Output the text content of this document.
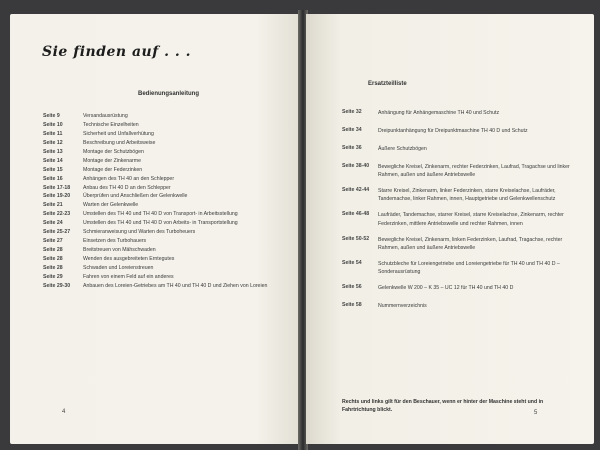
Sie finden auf . . .
Bedienungsanleitung
Seite 9	Versandausrüstung
Seite 10	Technische Einzelheiten
Seite 11	Sicherheit und Unfallverhütung
Seite 12	Beschreibung und Arbeitsweise
Seite 13	Montage der Schutzbögen
Seite 14	Montage der Zinkenarme
Seite 15	Montage der Federzinken
Seite 16	Anhängen des TH 40 an den Schlepper
Seite 17-18	Anbau des TH 40 D an den Schlepper
Seite 19-20	Überprüfen und Anschließen der Gelenkwelle
Seite 21	Warten der Gelenkwelle
Seite 22-23	Umstellen des TH 40 und TH 40 D von Transport- in Arbeitsstellung
Seite 24	Umstellen des TH 40 und TH 40 D von Arbeits- in Transportstellung
Seite 25-27	Schmieranweisung und Warten des Turboheuers
Seite 27	Einsetzen des Turbohauers
Seite 28	Breitstreuen von Mähschwaden
Seite 28	Wenden des ausgebreiteten Erntegutes
Seite 28	Schwaden und Loreienstreuen
Seite 29	Fahren von einem Feld auf ein anderes
Seite 29-30	Anbauen des Loreien-Getriebes am TH 40 und TH 40 D und Ziehen von Loreien
4
Ersatzteilliste
Seite 32	Anhängung für Anhängemaschine TH 40 und Schutz
Seite 34	Dreipunktanhängung für Dreipunktmaschine TH 40 D und Schutz
Seite 36	Äußere Schutzbögen
Seite 38-40	Bewegliche Kreisel, Zinkenarm, rechter Federzinken, Laufrad, Tragachse und linker Rahmen, außen und äußere Antriebswelle
Seite 42-44	Starre Kreisel, Zinkenarm, linker Federzinken, starre Kreiselachse, Laufräder, Tandemachse, linker Rahmen, innen, Hauptgetriebe und Gelenkwellenschutz
Seite 46-48	Laufräder, Tandemachse, starrer Kreisel, starre Kreiselachse, Zinkenarm, rechter Federzinken, mittlere Antriebswelle und rechter Rahmen, innen
Seite 50-52	Bewegliche Kreisel, Zinkenarm, linken Federzinken, Laufrad, Tragachse, rechter Rahmen, außen und äußere Antriebswelle
Seite 54	Schutzbleche für Loreiengetriebe und Loreiengetriebe für TH 40 und TH 40 D – Sonderausrüstung
Seite 56	Gelenkwelle W 200 – K 35 – UC 12 für TH 40 und TH 40 D
Seite 58	Nummernverzeichnis
Rechts und links gilt für den Beschauer, wenn er hinter der Maschine steht und in Fahrtrichtung blickt.	5
